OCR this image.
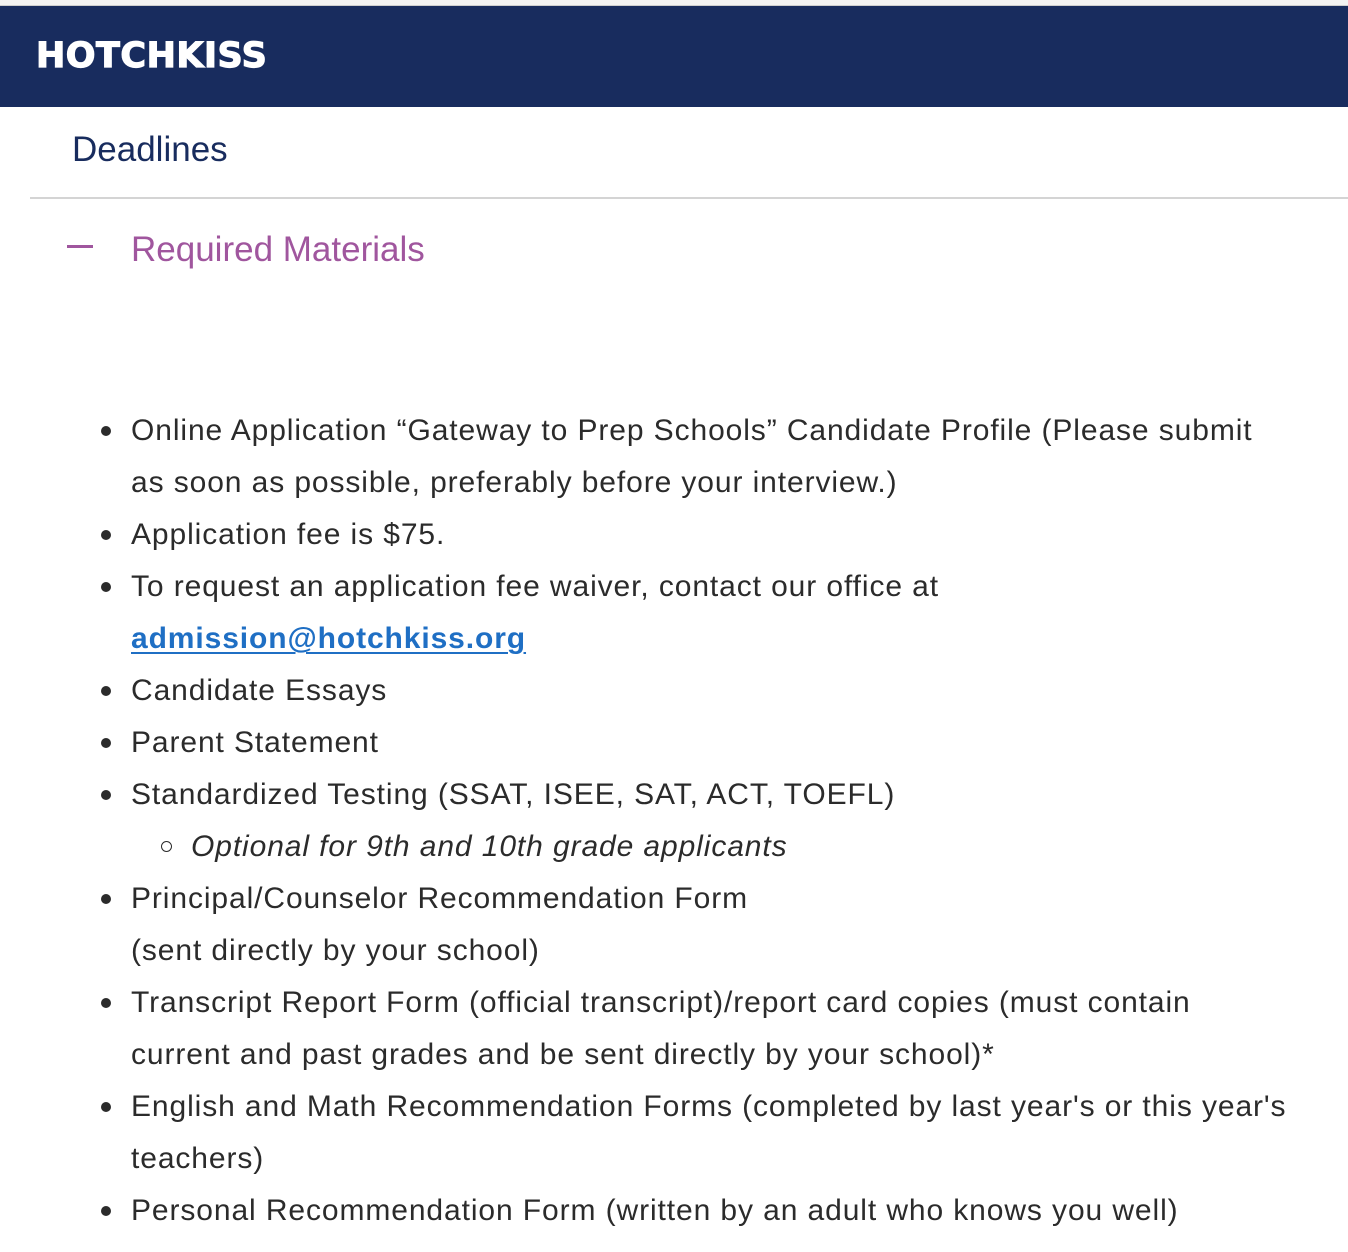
HOTCHKISS
Deadlines
Required Materials
Online Application “Gateway to Prep Schools” Candidate Profile (Please submit as soon as possible, preferably before your interview.)
Application fee is $75.
To request an application fee waiver, contact our office at admission@hotchkiss.org
Candidate Essays
Parent Statement
Standardized Testing (SSAT, ISEE, SAT, ACT, TOEFL)
Optional for 9th and 10th grade applicants
Principal/Counselor Recommendation Form
(sent directly by your school)
Transcript Report Form (official transcript)/report card copies (must contain current and past grades and be sent directly by your school)*
English and Math Recommendation Forms (completed by last year's or this year's teachers)
Personal Recommendation Form (written by an adult who knows you well)
